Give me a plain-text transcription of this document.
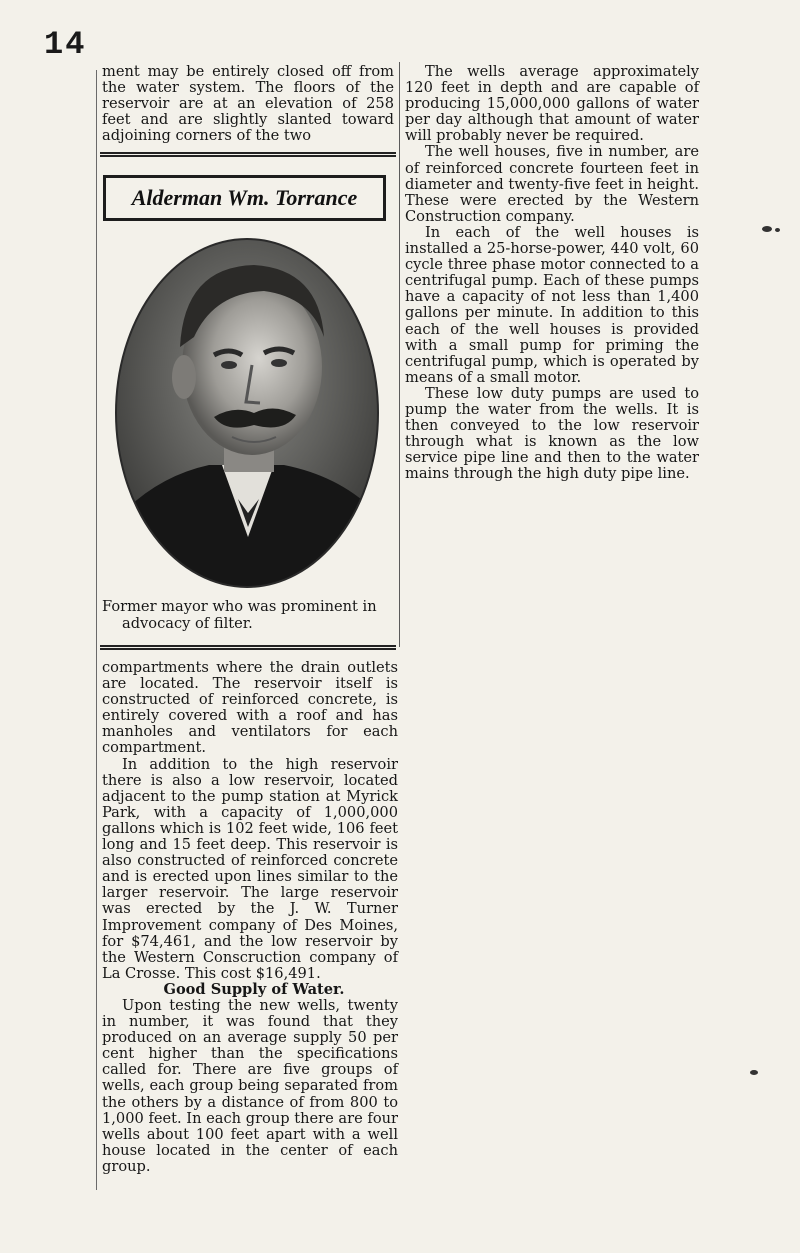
14

ment may be entirely closed off from the water system. The floors of the reservoir are at an elevation of 258 feet and are slightly slanted toward adjoining corners of the two

Alderman Wm. Torrance
Former mayor who was prominent in
advocacy of filter.

compartments where the drain outlets are located. The reservoir itself is constructed of reinforced concrete, is entirely covered with a roof and has manholes and ventilators for each compartment.

In addition to the high reservoir there is also a low reservoir, located adjacent to the pump station at Myrick Park, with a capacity of 1,000,000 gallons which is 102 feet wide, 106 feet long and 15 feet deep. This reservoir is also constructed of reinforced concrete and is erected upon lines similar to the larger reservoir. The large reservoir was erected by the J. W. Turner Improvement company of Des Moines, for $74,461, and the low reservoir by the Western Conscruction company of La Crosse. This cost $16,491.

Good Supply of Water.

Upon testing the new wells, twenty in number, it was found that they produced on an average supply 50 per cent higher than the specifications called for. There are five groups of wells, each group being separated from the others by a distance of from 800 to 1,000 feet. In each group there are four wells about 100 feet apart with a well house located in the center of each group.

The wells average approximately 120 feet in depth and are capable of producing 15,000,000 gallons of water per day although that amount of water will probably never be required.

The well houses, five in number, are of reinforced concrete fourteen feet in diameter and twenty-five feet in height. These were erected by the Western Construction company.

In each of the well houses is installed a 25-horse-power, 440 volt, 60 cycle three phase motor connected to a centrifugal pump. Each of these pumps have a capacity of not less than 1,400 gallons per minute. In addition to this each of the well houses is provided with a small pump for priming the centrifugal pump, which is operated by means of a small motor.

These low duty pumps are used to pump the water from the wells. It is then conveyed to the low reservoir through what is known as the low service pipe line and then to the water mains through the high duty pipe line.
